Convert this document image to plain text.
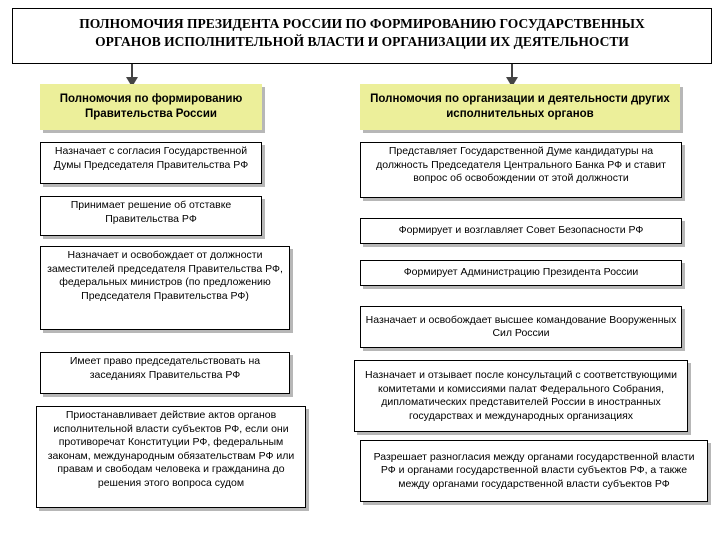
ПОЛНОМОЧИЯ ПРЕЗИДЕНТА РОССИИ ПО ФОРМИРОВАНИЮ ГОСУДАРСТВЕННЫХ
ОРГАНОВ ИСПОЛНИТЕЛЬНОЙ ВЛАСТИ И ОРГАНИЗАЦИИ ИХ ДЕЯТЕЛЬНОСТИ
Полномочия по формированию Правительства России
Полномочия по организации и деятельности других исполнительных органов
Назначает с согласия Государственной Думы Председателя Правительства РФ
Принимает решение об отставке Правительства РФ
Назначает и освобождает от должности заместителей председателя Правительства РФ, федеральных министров (по предложению Председателя Правительства РФ)
Имеет право председательствовать на заседаниях Правительства РФ
Приостанавливает действие актов органов исполнительной власти субъектов РФ, если они противоречат Конституции РФ, федеральным законам, международным обязательствам РФ или правам и свободам человека и гражданина до решения этого вопроса судом
Представляет Государственной Думе кандидатуры на должность Председателя Центрального Банка РФ и ставит вопрос об освобождении от этой должности
Формирует и возглавляет Совет Безопасности РФ
Формирует Администрацию Президента России
Назначает и освобождает высшее командование Вооруженных Сил России
Назначает и отзывает после консультаций с соответствующими комитетами и комиссиями палат Федерального Собрания, дипломатических представителей России в иностранных государствах и международных организациях
Разрешает разногласия между органами государственной власти РФ и органами государственной власти субъектов РФ, а также между органами государственной власти субъектов РФ
